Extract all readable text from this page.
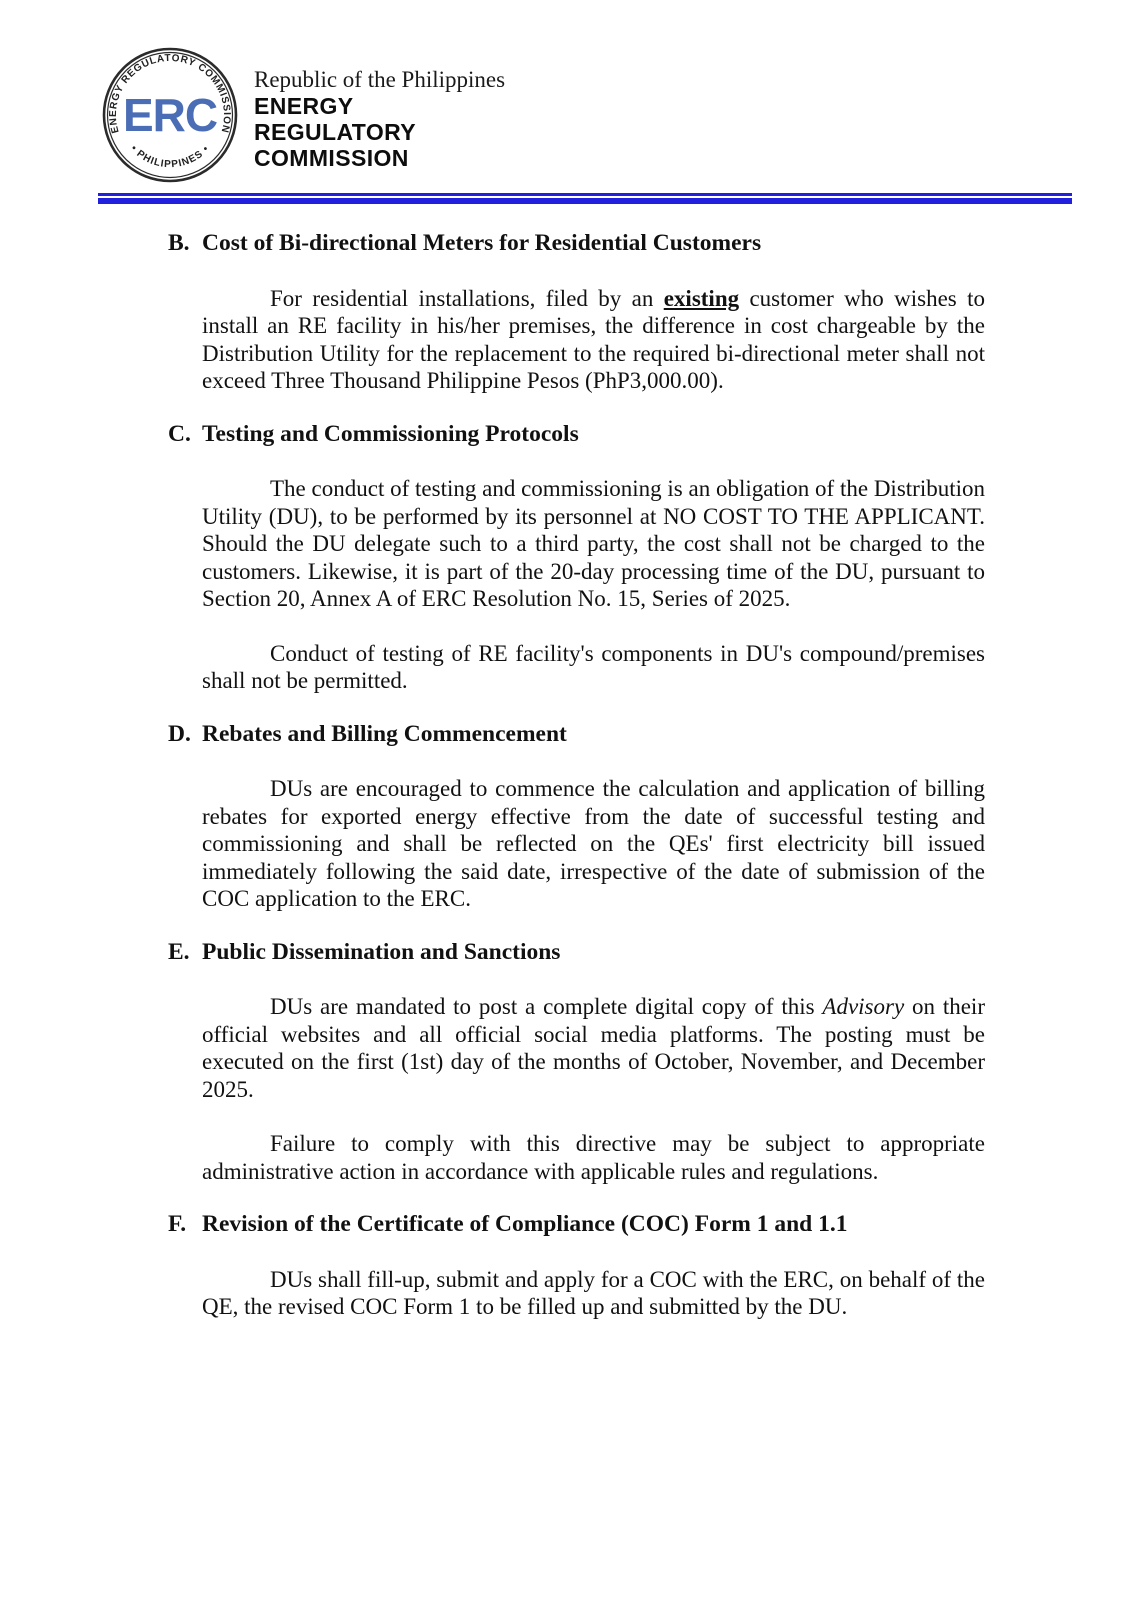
ENERGY REGULATORY COMMISSION
• PHILIPPINES •
ERC
Republic of the Philippines
ENERGY
REGULATORY
COMMISSION
B. Cost of Bi-directional Meters for Residential Customers

For residential installations, filed by an existing customer who wishes to install an RE facility in his/her premises, the difference in cost chargeable by the Distribution Utility for the replacement to the required bi-directional meter shall not exceed Three Thousand Philippine Pesos (PhP3,000.00).

C. Testing and Commissioning Protocols

The conduct of testing and commissioning is an obligation of the Distribution Utility (DU), to be performed by its personnel at NO COST TO THE APPLICANT. Should the DU delegate such to a third party, the cost shall not be charged to the customers. Likewise, it is part of the 20-day processing time of the DU, pursuant to Section 20, Annex A of ERC Resolution No. 15, Series of 2025.

Conduct of testing of RE facility's components in DU's compound/premises shall not be permitted.

D. Rebates and Billing Commencement

DUs are encouraged to commence the calculation and application of billing rebates for exported energy effective from the date of successful testing and commissioning and shall be reflected on the QEs' first electricity bill issued immediately following the said date, irrespective of the date of submission of the COC application to the ERC.

E. Public Dissemination and Sanctions

DUs are mandated to post a complete digital copy of this Advisory on their official websites and all official social media platforms. The posting must be executed on the first (1st) day of the months of October, November, and December 2025.

Failure to comply with this directive may be subject to appropriate administrative action in accordance with applicable rules and regulations.

F. Revision of the Certificate of Compliance (COC) Form 1 and 1.1

DUs shall fill-up, submit and apply for a COC with the ERC, on behalf of the QE, the revised COC Form 1 to be filled up and submitted by the DU.
